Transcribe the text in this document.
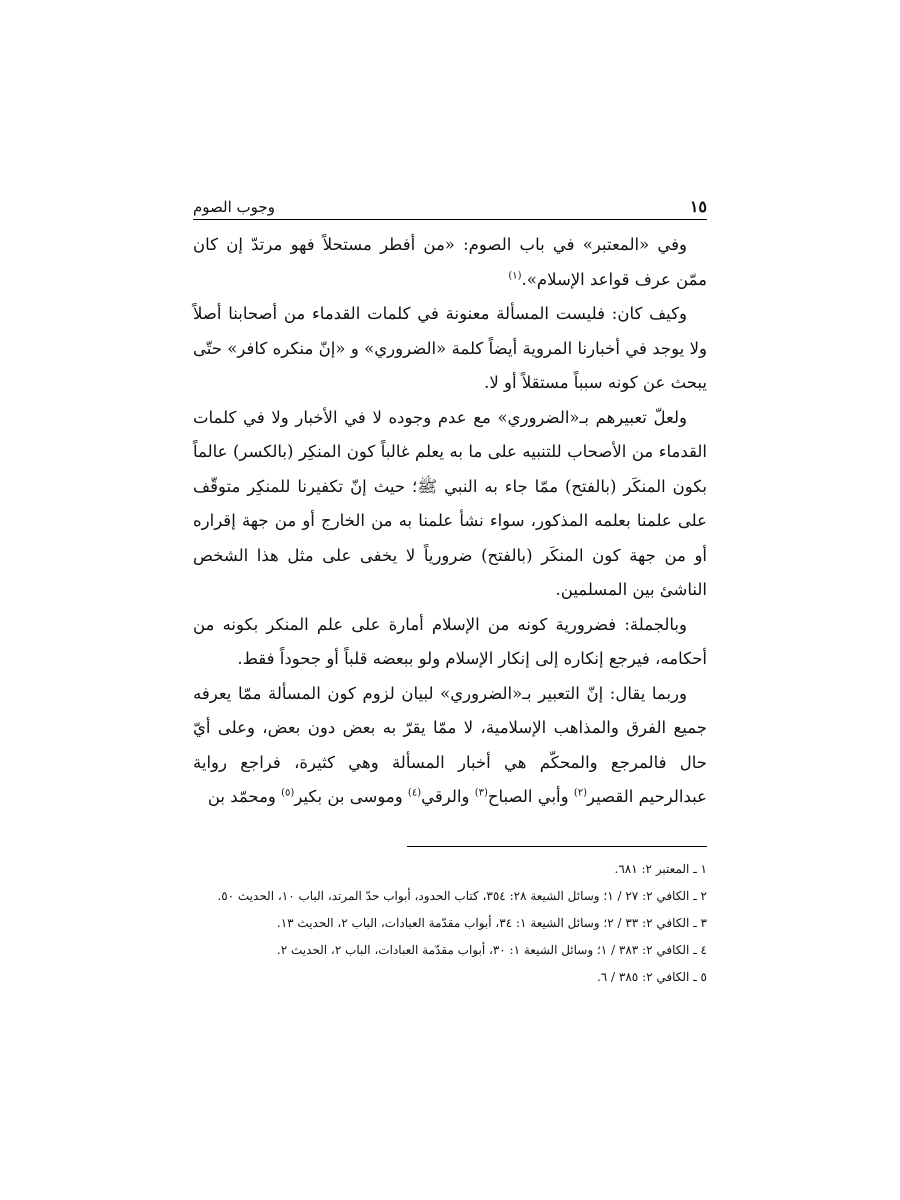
وجوب الصوم	١٥

وفي «المعتبر» في باب الصوم: «من أفطر مستحلاً فهو مرتدّ إن كان ممّن عرف قواعد الإسلام».$^{(١)}$

وكيف كان: فليست المسألة معنونة في كلمات القدماء من أصحابنا أصلاً ولا يوجد في أخبارنا المروية أيضاً كلمة «الضروري» و «إنّ منكره كافر» حتّى يبحث عن كونه سبباً مستقلاً أو لا.

ولعلّ تعبيرهم بـ«الضروري» مع عدم وجوده لا في الأخبار ولا في كلمات القدماء من الأصحاب للتنبيه على ما به يعلم غالباً كون المنكِر (بالكسر) عالماً بكون المنكَر (بالفتح) ممّا جاء به النبي ﷺ؛ حيث إنّ تكفيرنا للمنكِر متوقّف على علمنا بعلمه المذكور، سواء نشأ علمنا به من الخارج أو من جهة إقراره أو من جهة كون المنكَر (بالفتح) ضرورياً لا يخفى على مثل هذا الشخص الناشئ بين المسلمين.

وبالجملة: فضرورية كونه من الإسلام أمارة على علم المنكر بكونه من أحكامه، فيرجع إنكاره إلى إنكار الإسلام ولو ببعضه قلباً أو جحوداً فقط.

وربما يقال: إنّ التعبير بـ«الضروري» لبيان لزوم كون المسألة ممّا يعرفه جميع الفرق والمذاهب الإسلامية، لا ممّا يقرّ به بعض دون بعض، وعلى أيّ حال فالمرجع والمحكّم هي أخبار المسألة وهي كثيرة، فراجع رواية عبدالرحيم القصير$^{(٢)}$ وأبي الصباح$^{(٣)}$ والرقي$^{(٤)}$ وموسى بن بكير$^{(٥)}$ ومحمّد بن

١ ـ المعتبر ٢: ٦٨١.
٢ ـ الكافي ٢: ٢٧ / ١؛ وسائل الشيعة ٢٨: ٣٥٤، كتاب الحدود، أبواب حدّ المرتد، الباب ١٠، الحديث ٥٠.
٣ ـ الكافي ٢: ٣٣ / ٢؛ وسائل الشيعة ١: ٣٤، أبواب مقدّمة العبادات، الباب ٢، الحديث ١٣.
٤ ـ الكافي ٢: ٣٨٣ / ١؛ وسائل الشيعة ١: ٣٠، أبواب مقدّمة العبادات، الباب ٢، الحديث ٢.
٥ ـ الكافي ٢: ٣٨٥ / ٦.
